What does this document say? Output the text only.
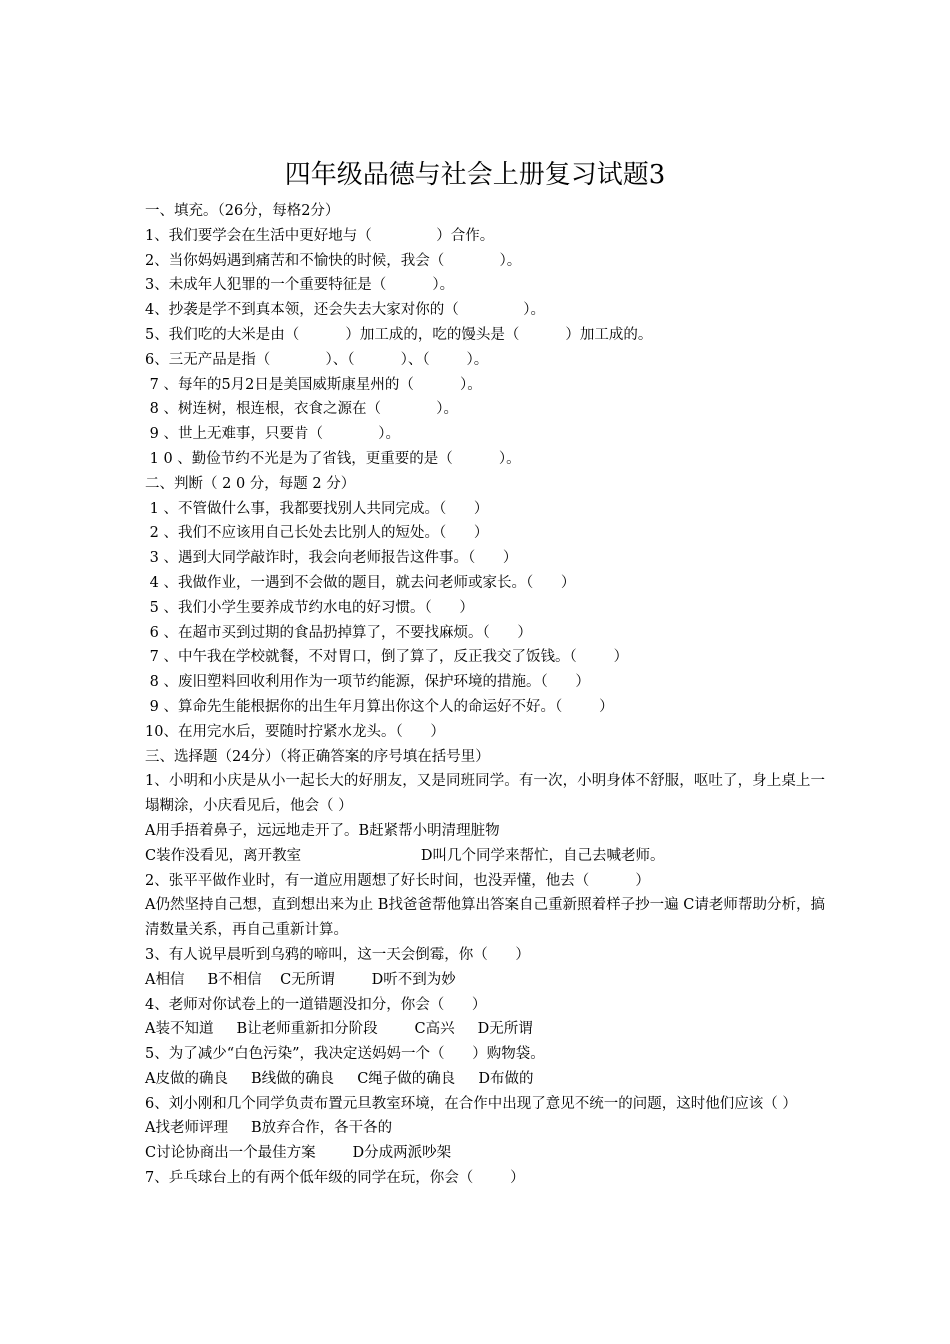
四年级品德与社会上册复习试题3
一、填充。（26分，每格2分）
1、我们要学会在生活中更好地与（              ）合作。
2、当你妈妈遇到痛苦和不愉快的时候，我会（            ）。
3、未成年人犯罪的一个重要特征是（          ）。
4、抄袭是学不到真本领，还会失去大家对你的（              ）。
5、我们吃的大米是由（          ）加工成的，吃的馒头是（          ）加工成的。
6、三无产品是指（            ）、（          ）、（        ）。
7 、每年的5月2日是美国威斯康星州的（          ）。
8 、树连树，根连根，衣食之源在（            ）。
9 、世上无难事，只要肯（            ）。
1 0 、勤俭节约不光是为了省钱，更重要的是（          ）。
二、判断（ 2 0 分，每题 2 分）
1 、不管做什么事，我都要找别人共同完成。（      ）
2 、我们不应该用自己长处去比别人的短处。（      ）
3 、遇到大同学敲诈时，我会向老师报告这件事。（      ）
4 、我做作业，一遇到不会做的题目，就去问老师或家长。（      ）
5 、我们小学生要养成节约水电的好习惯。（      ）
6 、在超市买到过期的食品扔掉算了，不要找麻烦。（      ）
7 、中午我在学校就餐，不对胃口，倒了算了，反正我交了饭钱。（        ）
8 、废旧塑料回收利用作为一项节约能源，保护环境的措施。（      ）
9 、算命先生能根据你的出生年月算出你这个人的命运好不好。（        ）
10、在用完水后，要随时拧紧水龙头。（      ）
三、选择题（24分）（将正确答案的序号填在括号里）
1、小明和小庆是从小一起长大的好朋友，又是同班同学。有一次，小明身体不舒服，呕吐了，身上桌上一塌糊涂，小庆看见后，他会（ ）
A用手捂着鼻子，远远地走开了。B赶紧帮小明清理脏物
C装作没看见，离开教室                          D叫几个同学来帮忙，自己去喊老师。
2、张平平做作业时，有一道应用题想了好长时间，也没弄懂，他去（          ）
A仍然坚持自己想，直到想出来为止 B找爸爸帮他算出答案自己重新照着样子抄一遍 C请老师帮助分析，搞清数量关系，再自己重新计算。
3、有人说早晨听到乌鸦的啼叫，这一天会倒霉，你（      ）
A相信     B不相信    C无所谓        D听不到为妙
4、老师对你试卷上的一道错题没扣分，你会（      ）
A装不知道     B让老师重新扣分阶段        C高兴     D无所谓
5、为了减少“白色污染”，我决定送妈妈一个（      ）购物袋。
A皮做的确良     B线做的确良     C绳子做的确良     D布做的
6、刘小刚和几个同学负责布置元旦教室环境，在合作中出现了意见不统一的问题，这时他们应该（ ）
A找老师评理     B放弃合作，各干各的
C讨论协商出一个最佳方案        D分成两派吵架
7、乒乓球台上的有两个低年级的同学在玩，你会（        ）
